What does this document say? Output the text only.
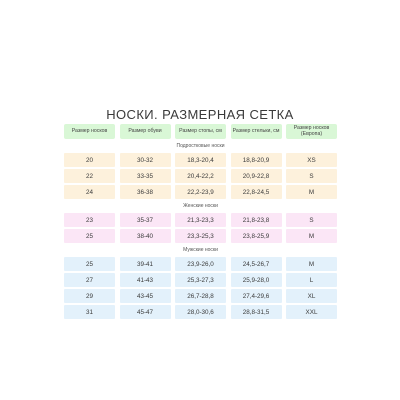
НОСКИ. РАЗМЕРНАЯ СЕТКА
Размер носков	Размер обуви	Размер стопы, см	Размер стельки, см	Размер носков (Европа)
Подростковые носки
20	30-32	18,3-20,4	18,8-20,9	XS
22	33-35	20,4-22,2	20,9-22,8	S
24	36-38	22,2-23,9	22,8-24,5	M
Женские носки
23	35-37	21,3-23,3	21,8-23,8	S
25	38-40	23,3-25,3	23,8-25,9	M
Мужские носки
25	39-41	23,9-26,0	24,5-26,7	M
27	41-43	25,3-27,3	25,9-28,0	L
29	43-45	26,7-28,8	27,4-29,6	XL
31	45-47	28,0-30,6	28,8-31,5	XXL
